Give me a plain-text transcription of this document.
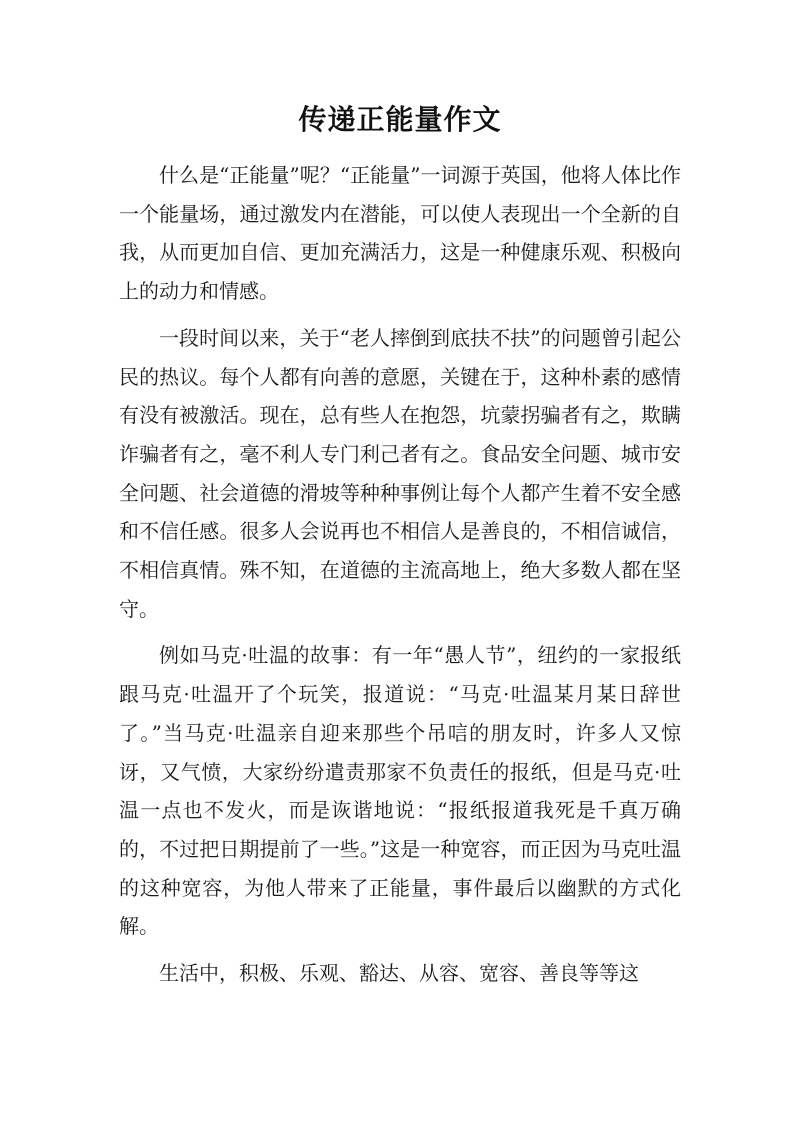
传递正能量作文

什么是“正能量”呢？“正能量”一词源于英国，他将人体比作一个能量场，通过激发内在潜能，可以使人表现出一个全新的自我，从而更加自信、更加充满活力，这是一种健康乐观、积极向上的动力和情感。

一段时间以来，关于“老人摔倒到底扶不扶”的问题曾引起公民的热议。每个人都有向善的意愿，关键在于，这种朴素的感情有没有被激活。现在，总有些人在抱怨，坑蒙拐骗者有之，欺瞒诈骗者有之，毫不利人专门利己者有之。食品安全问题、城市安全问题、社会道德的滑坡等种种事例让每个人都产生着不安全感和不信任感。很多人会说再也不相信人是善良的，不相信诚信，不相信真情。殊不知，在道德的主流高地上，绝大多数人都在坚守。

例如马克·吐温的故事：有一年“愚人节”，纽约的一家报纸跟马克·吐温开了个玩笑，报道说：“马克·吐温某月某日辞世了。”当马克·吐温亲自迎来那些个吊唁的朋友时，许多人又惊讶，又气愤，大家纷纷遣责那家不负责任的报纸，但是马克·吐温一点也不发火，而是诙谐地说：“报纸报道我死是千真万确的，不过把日期提前了一些。”这是一种宽容，而正因为马克吐温的这种宽容，为他人带来了正能量，事件最后以幽默的方式化解。

生活中，积极、乐观、豁达、从容、宽容、善良等等这
